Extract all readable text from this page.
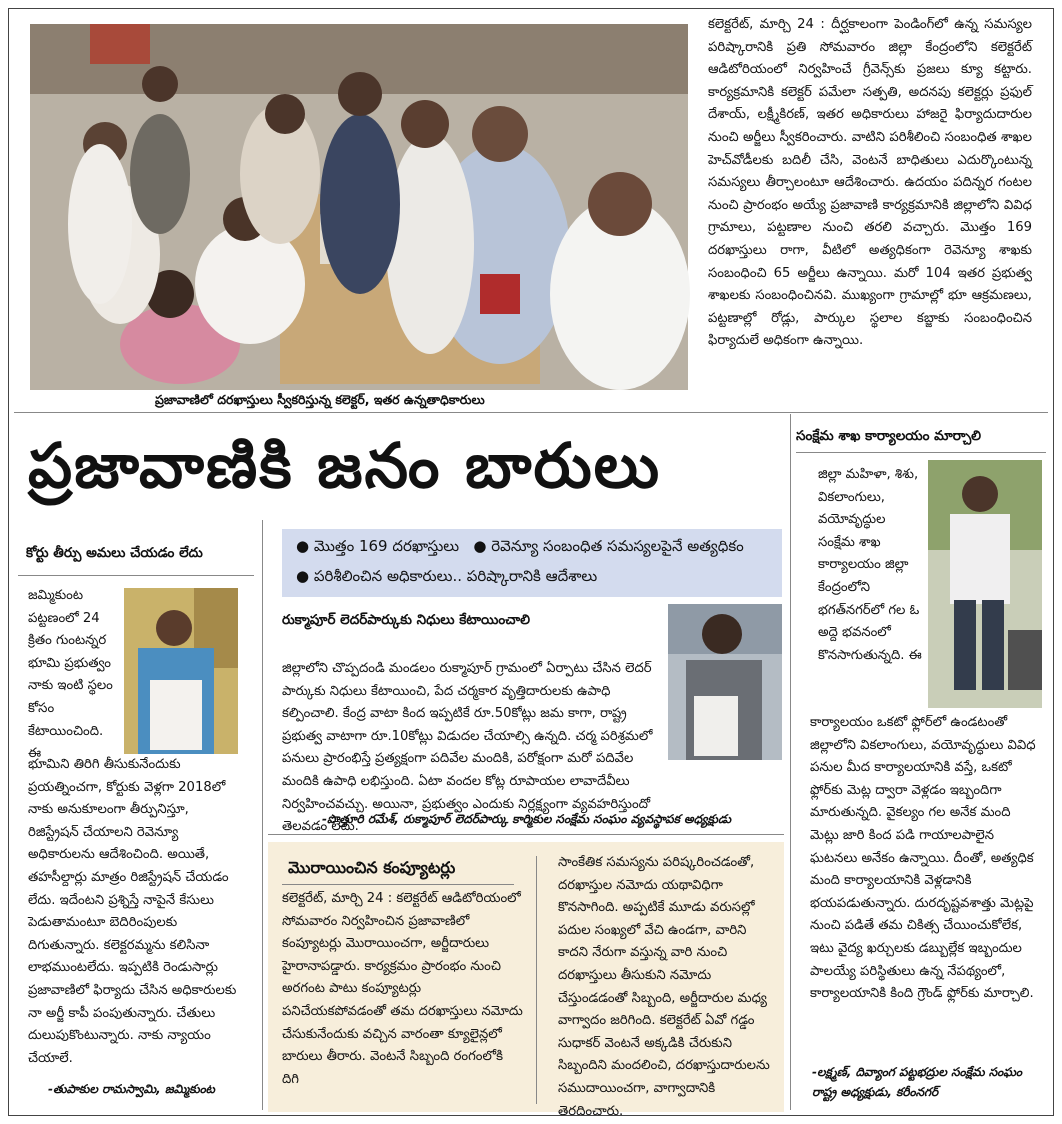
ప్రజావాణిలో దరఖాస్తులు స్వీకరిస్తున్న కలెక్టర్, ఇతర ఉన్నతాధికారులు
కలెక్టరేట్, మార్చి 24 : దీర్ఘకాలంగా పెండింగ్‌లో ఉన్న సమస్యల పరిష్కారానికి ప్రతి సోమవారం జిల్లా కేంద్రంలోని కలెక్టరేట్ ఆడిటోరియంలో నిర్వహించే గ్రీవెన్స్‌కు ప్రజలు క్యూ కట్టారు. కార్యక్రమానికి కలెక్టర్ పమేలా సత్పతి, అదనపు కలెక్టర్లు ప్రఫుల్ దేశాయ్, లక్ష్మీకిరణ్, ఇతర అధికారులు హాజరై ఫిర్యాదుదారుల నుంచి అర్జీలు స్వీకరించారు. వాటిని పరిశీలించి సంబంధిత శాఖల హెచ్‌వోడీలకు బదిలీ చేసి, వెంటనే బాధితులు ఎదుర్కొంటున్న సమస్యలు తీర్చాలంటూ ఆదేశించారు. ఉదయం పదిన్నర గంటల నుంచి ప్రారంభం అయ్యే ప్రజావాణి కార్యక్రమానికి జిల్లాలోని వివిధ గ్రామాలు, పట్టణాల నుంచి తరలి వచ్చారు. మొత్తం 169 దరఖాస్తులు రాగా, వీటిలో అత్యధికంగా రెవెన్యూ శాఖకు సంబంధించి 65 అర్జీలు ఉన్నాయి. మరో 104 ఇతర ప్రభుత్వ శాఖలకు సంబంధించినవి. ముఖ్యంగా గ్రామాల్లో భూ ఆక్రమణలు, పట్టణాల్లో రోడ్లు, పార్కుల స్థలాల కబ్జాకు సంబంధించిన ఫిర్యాదులే అధికంగా ఉన్నాయి.
ప్రజావాణికి జనం బారులు
● మొత్తం 169 దరఖాస్తులు ● రెవెన్యూ సంబంధిత సమస్యలపైనే అత్యధికం   ● పరిశీలించిన అధికారులు.. పరిష్కారానికి ఆదేశాలు
కోర్టు తీర్పు అమలు చేయడం లేదు
జమ్మికుంట పట్టణంలో 24 క్రితం గుంటన్నర భూమి ప్రభుత్వం నాకు ఇంటి స్థలం కోసం కేటాయించింది. ఈ
భూమిని తిరిగి తీసుకునేందుకు ప్రయత్నించగా, కోర్టుకు వెళ్లగా 2018లో నాకు అనుకూలంగా తీర్పునిస్తూ, రిజిస్ట్రేషన్ చేయాలని రెవెన్యూ అధికారులను ఆదేశించింది. అయితే, తహసీల్దార్లు మాత్రం రిజిస్ట్రేషన్ చేయడం లేదు. ఇదేంటని ప్రశ్నిస్తే నాపైనే కేసులు పెడుతామంటూ బెదిరింపులకు దిగుతున్నారు. కలెక్టరమ్మను కలిసినా లాభముంటలేదు. ఇప్పటికి రెండుసార్లు ప్రజావాణిలో ఫిర్యాదు చేసిన అధికారులకు నా అర్జీ కాపీ పంపుతున్నారు. చేతులు దులుపుకొంటున్నారు. నాకు న్యాయం చేయాలే.
-తుపాకుల రామస్వామి, జమ్మికుంట
రుక్మాపూర్ లెదర్‌పార్కుకు నిధులు కేటాయించాలి
జిల్లాలోని చొప్పదండి మండలం రుక్మాపూర్ గ్రామంలో ఏర్పాటు చేసిన లెదర్ పార్కుకు నిధులు కేటాయించి, పేద చర్మకార వృత్తిదారులకు ఉపాధి కల్పించాలి. కేంద్ర వాటా కింద ఇప్పటికే రూ.50కోట్లు జమ కాగా, రాష్ట్ర ప్రభుత్వ వాటాగా రూ.10కోట్లు విడుదల చేయాల్సి ఉన్నది. చర్మ పరిశ్రమలో పనులు ప్రారంభిస్తే ప్రత్యక్షంగా పదివేల మందికి, పరోక్షంగా మరో పదివేల మందికి ఉపాధి లభిస్తుంది. ఏటా వందల కోట్ల రూపాయల లావాదేవీలు నిర్వహించవచ్చు. అయినా, ప్రభుత్వం ఎందుకు నిర్లక్ష్యంగా వ్యవహరిస్తుందో తెలవడం లేదు.
-పొత్తూరి రమేశ్, రుక్మాపూర్ లెదర్‌పార్కు కార్మికుల సంక్షేమ సంఘం వ్యవస్థాపక అధ్యక్షుడు
మొరాయించిన కంప్యూటర్లు
కలెక్టరేట్, మార్చి 24 : కలెక్టరేట్ ఆడిటోరియంలో సోమవారం నిర్వహించిన ప్రజావాణిలో కంప్యూటర్లు మొరాయించగా, అర్జీదారులు హైరానాపడ్డారు. కార్యక్రమం ప్రారంభం నుంచి అరగంట పాటు కంప్యూటర్లు పనిచేయకపోవడంతో తమ దరఖాస్తులు నమోదు చేసుకునేందుకు వచ్చిన వారంతా క్యూలైన్లలో బారులు తీరారు. వెంటనే సిబ్బంది రంగంలోకి దిగి
సాంకేతిక సమస్యను పరిష్కరించడంతో, దరఖాస్తుల నమోదు యథావిధిగా కొనసాగింది. అప్పటికే మూడు వరుసల్లో పదుల సంఖ్యలో వేచి ఉండగా, వారిని కాదని నేరుగా వస్తున్న వారి నుంచి దరఖాస్తులు తీసుకుని నమోదు చేస్తుండడంతో సిబ్బంది, అర్జీదారుల మధ్య వాగ్వాదం జరిగింది. కలెక్టరేట్ ఏవో గడ్డం సుధాకర్ వెంటనే అక్కడికి చేరుకుని సిబ్బందిని మందలించి, దరఖాస్తుదారులను సముదాయించగా, వాగ్వాదానికి తెరదించారు.
సంక్షేమ శాఖ కార్యాలయం మార్చాలి
జిల్లా మహిళా, శిశు, వికలాంగులు, వయోవృద్ధుల సంక్షేమ శాఖ కార్యాలయం జిల్లా కేంద్రంలోని భగత్‌నగర్‌లో గల ఓ అద్దె భవనంలో కొనసాగుతున్నది. ఈ
కార్యాలయం ఒకటో ఫ్లోర్‌లో ఉండటంతో జిల్లాలోని వికలాంగులు, వయోవృద్ధులు వివిధ పనుల మీద కార్యాలయానికి వస్తే, ఒకటో ఫ్లోర్‌కు మెట్ల ద్వారా వెళ్లడం ఇబ్బందిగా మారుతున్నది. వైకల్యం గల అనేక మంది మెట్లు జారి కింద పడి గాయాలపాలైన ఘటనలు అనేకం ఉన్నాయి. దీంతో, అత్యధిక మంది కార్యాలయానికి వెళ్లడానికి భయపడుతున్నారు. దురదృష్టవశాత్తు మెట్లపై నుంచి పడితే తమ చికిత్స చేయించుకోలేక, ఇటు వైద్య ఖర్చులకు డబ్బుల్లేక ఇబ్బందుల పాలయ్యే పరిస్థితులు ఉన్న నేపథ్యంలో, కార్యాలయానికి కింది గ్రౌండ్ ఫ్లోర్‌కు మార్చాలి.
-లక్ష్మణ్, దివ్యాంగ పట్టభద్రుల సంక్షేమ సంఘం రాష్ట్ర అధ్యక్షుడు, కరీంనగర్
